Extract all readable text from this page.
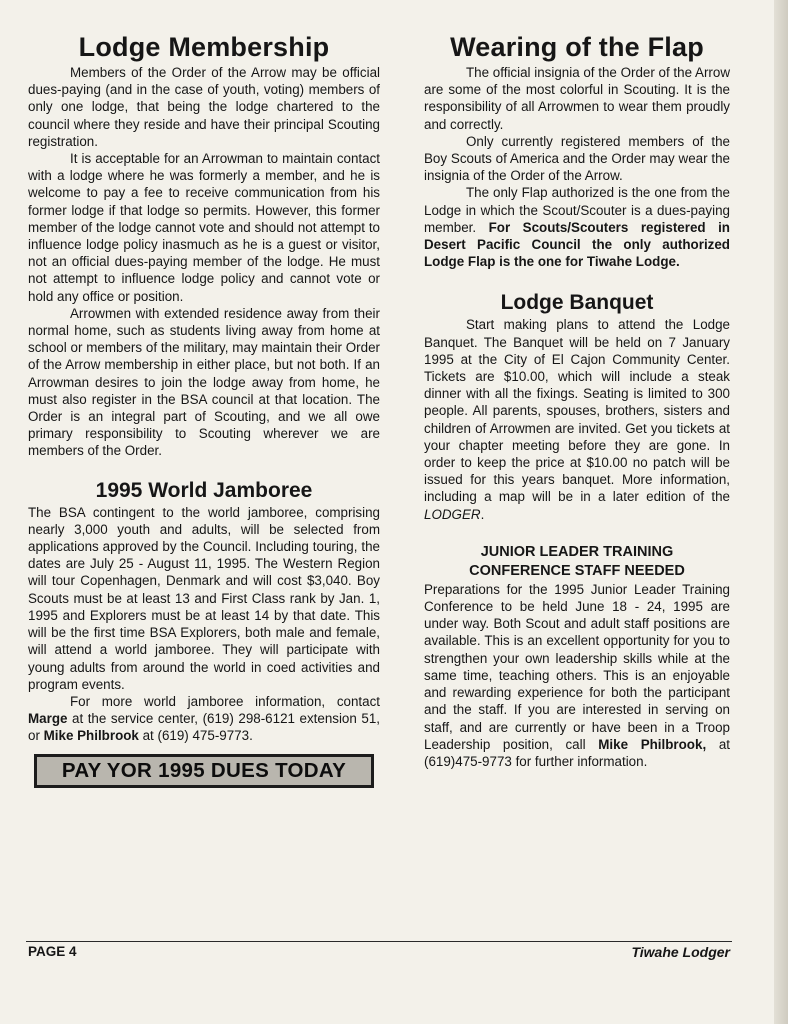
Lodge Membership

Members of the Order of the Arrow may be official dues-paying (and in the case of youth, voting) members of only one lodge, that being the lodge chartered to the council where they reside and have their principal Scouting registration.

It is acceptable for an Arrowman to maintain contact with a lodge where he was formerly a member, and he is welcome to pay a fee to receive communication from his former lodge if that lodge so permits. However, this former member of the lodge cannot vote and should not attempt to influence lodge policy inasmuch as he is a guest or visitor, not an official dues-paying member of the lodge. He must not attempt to influence lodge policy and cannot vote or hold any office or position.

Arrowmen with extended residence away from their normal home, such as students living away from home at school or members of the military, may maintain their Order of the Arrow membership in either place, but not both. If an Arrowman desires to join the lodge away from home, he must also register in the BSA council at that location. The Order is an integral part of Scouting, and we all owe primary responsibility to Scouting wherever we are members of the Order.

1995 World Jamboree

The BSA contingent to the world jamboree, comprising nearly 3,000 youth and adults, will be selected from applications approved by the Council. Including touring, the dates are July 25 - August 11, 1995. The Western Region will tour Copenhagen, Denmark and will cost $3,040. Boy Scouts must be at least 13 and First Class rank by Jan. 1, 1995 and Explorers must be at least 14 by that date. This will be the first time BSA Explorers, both male and female, will attend a world jamboree. They will participate with young adults from around the world in coed activities and program events.

For more world jamboree information, contact Marge at the service center, (619) 298-6121 extension 51, or Mike Philbrook at (619) 475-9773.

PAY YOR 1995 DUES TODAY
Wearing of the Flap

The official insignia of the Order of the Arrow are some of the most colorful in Scouting. It is the responsibility of all Arrowmen to wear them proudly and correctly.

Only currently registered members of the Boy Scouts of America and the Order may wear the insignia of the Order of the Arrow.

The only Flap authorized is the one from the Lodge in which the Scout/Scouter is a dues-paying member. For Scouts/Scouters registered in Desert Pacific Council the only authorized Lodge Flap is the one for Tiwahe Lodge.

Lodge Banquet

Start making plans to attend the Lodge Banquet. The Banquet will be held on 7 January 1995 at the City of El Cajon Community Center. Tickets are $10.00, which will include a steak dinner with all the fixings. Seating is limited to 300 people. All parents, spouses, brothers, sisters and children of Arrowmen are invited. Get you tickets at your chapter meeting before they are gone. In order to keep the price at $10.00 no patch will be issued for this years banquet. More information, including a map will be in a later edition of the LODGER.

JUNIOR LEADER TRAINING
CONFERENCE STAFF NEEDED

Preparations for the 1995 Junior Leader Training Conference to be held June 18 - 24, 1995 are under way. Both Scout and adult staff positions are available. This is an excellent opportunity for you to strengthen your own leadership skills while at the same time, teaching others. This is an enjoyable and rewarding experience for both the participant and the staff. If you are interested in serving on staff, and are currently or have been in a Troop Leadership position, call Mike Philbrook, at (619)475-9773 for further information.

PAGE 4	Tiwahe Lodger
